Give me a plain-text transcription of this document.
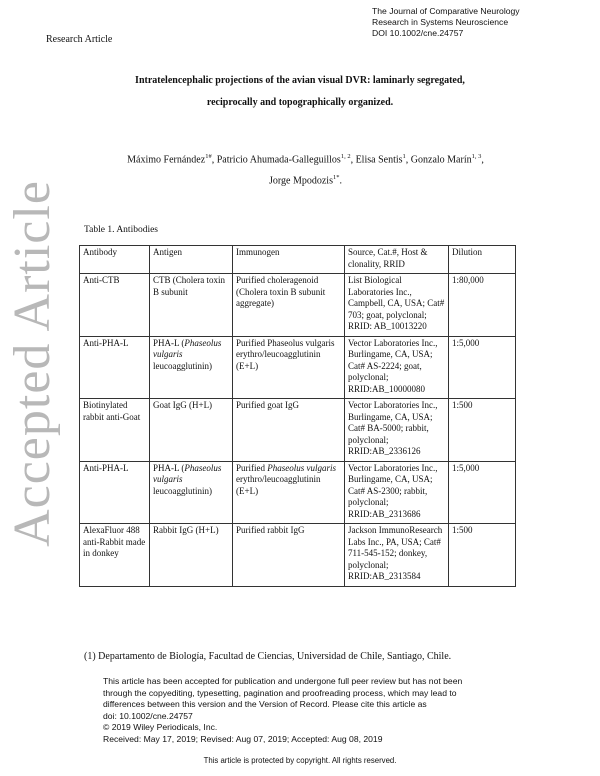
The Journal of Comparative Neurology
Research in Systems Neuroscience
DOI 10.1002/cne.24757
Research Article
Accepted Article
Intratelencephalic projections of the avian visual DVR: laminarly segregated,
reciprocally and topographically organized.
Máximo Fernández$^{1\#}$, Patricio Ahumada-Galleguillos$^{1, 2}$, Elisa Sentis$^1$, Gonzalo Marín$^{1, 3}$,
Jorge Mpodozis$^{1*}$.
Table 1. Antibodies
Antibody	Antigen	Immunogen	Source, Cat.#, Host & clonality, RRID	Dilution
Anti-CTB	CTB (Cholera toxin B subunit	Purified choleragenoid (Cholera toxin B subunit aggregate)	List Biological Laboratories Inc., Campbell, CA, USA; Cat# 703; goat, polyclonal; RRID: AB_10013220	1:80,000
Anti-PHA-L	PHA-L (Phaseolus vulgaris leucoagglutinin)	Purified Phaseolus vulgaris erythro/leucoagglutinin (E+L)	Vector Laboratories Inc., Burlingame, CA, USA; Cat# AS-2224; goat, polyclonal; RRID:AB_10000080	1:5,000
Biotinylated rabbit anti-Goat	Goat IgG (H+L)	Purified goat IgG	Vector Laboratories Inc., Burlingame, CA, USA; Cat# BA-5000; rabbit, polyclonal; RRID:AB_2336126	1:500
Anti-PHA-L	PHA-L (Phaseolus vulgaris leucoagglutinin)	Purified Phaseolus vulgaris erythro/leucoagglutinin (E+L)	Vector Laboratories Inc., Burlingame, CA, USA; Cat# AS-2300; rabbit, polyclonal; RRID:AB_2313686	1:5,000
AlexaFluor 488 anti-Rabbit made in donkey	Rabbit IgG (H+L)	Purified rabbit IgG	Jackson ImmunoResearch Labs Inc., PA, USA; Cat# 711-545-152; donkey, polyclonal; RRID:AB_2313584	1:500
(1) Departamento de Biología, Facultad de Ciencias, Universidad de Chile, Santiago, Chile.
This article has been accepted for publication and undergone full peer review but has not been
through the copyediting, typesetting, pagination and proofreading process, which may lead to
differences between this version and the Version of Record. Please cite this article as
doi: 10.1002/cne.24757
© 2019 Wiley Periodicals, Inc.
Received: May 17, 2019; Revised: Aug 07, 2019; Accepted: Aug 08, 2019
This article is protected by copyright. All rights reserved.
